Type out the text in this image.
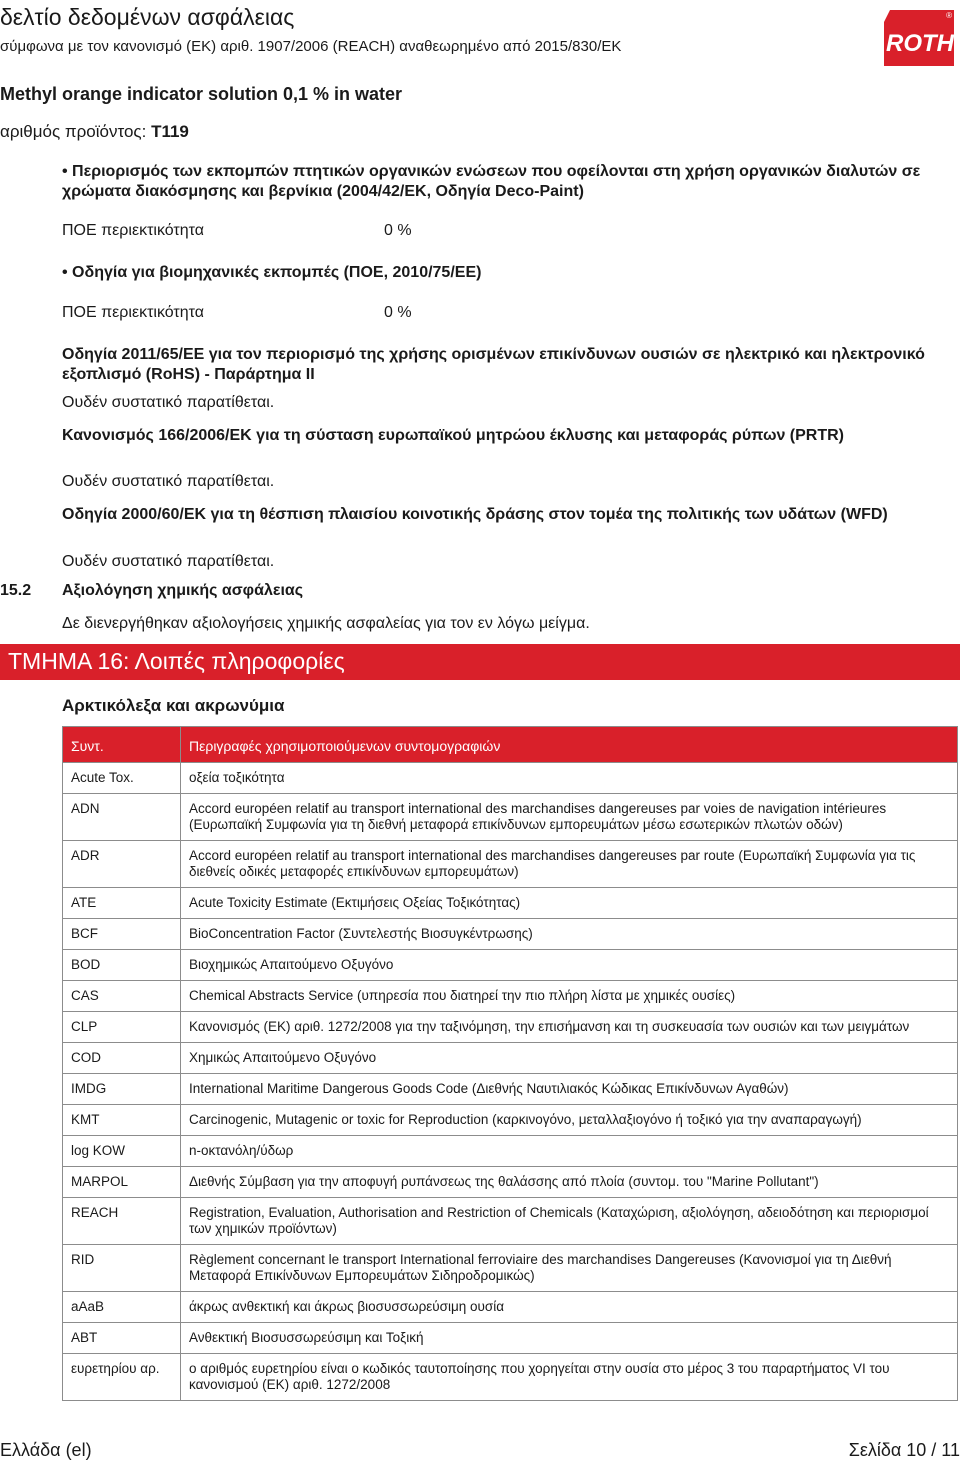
δελτίο δεδομένων ασφάλειας
σύμφωνα με τον κανονισμό (ΕΚ) αριθ. 1907/2006 (REACH) αναθεωρημένο από 2015/830/ΕΚ	ROTH
®
Methyl orange indicator solution 0,1 % in water
αριθμός προϊόντος: T119
• Περιορισμός των εκπομπών πτητικών οργανικών ενώσεων που οφείλονται στη χρήση οργανικών διαλυτών σε χρώματα διακόσμησης και βερνίκια (2004/42/ΕΚ, Οδηγία Deco-Paint)
ΠΟΕ περιεκτικότητα	0 %
• Οδηγία για βιομηχανικές εκπομπές (ΠΟΕ, 2010/75/ΕΕ)
ΠΟΕ περιεκτικότητα	0 %
Οδηγία 2011/65/ΕΕ για τον περιορισμό της χρήσης ορισμένων επικίνδυνων ουσιών σε ηλεκτρικό και ηλεκτρονικό εξοπλισμό (RoHS) - Παράρτημα II
Ουδέν συστατικό παρατίθεται.
Κανονισμός 166/2006/ΕΚ για τη σύσταση ευρωπαϊκού μητρώου έκλυσης και μεταφοράς ρύπων (PRTR)
Ουδέν συστατικό παρατίθεται.
Οδηγία 2000/60/ΕΚ για τη θέσπιση πλαισίου κοινοτικής δράσης στον τομέα της πολιτικής των υδάτων (WFD)
Ουδέν συστατικό παρατίθεται.
15.2 Αξιολόγηση χημικής ασφάλειας
Δε διενεργήθηκαν αξιολογήσεις χημικής ασφαλείας για τον εν λόγω μείγμα.
ΤΜΗΜΑ 16: Λοιπές πληροφορίες
Αρκτικόλεξα και ακρωνύμια
Συντ.	Περιγραφές χρησιμοποιούμενων συντομογραφιών
Acute Tox.	οξεία τοξικότητα
ADN	Accord européen relatif au transport international des marchandises dangereuses par voies de navigation intérieures (Ευρωπαϊκή Συμφωνία για τη διεθνή μεταφορά επικίνδυνων εμπορευμάτων μέσω εσωτερικών πλωτών οδών)
ADR	Accord européen relatif au transport international des marchandises dangereuses par route (Ευρωπαϊκή Συμφωνία για τις διεθνείς οδικές μεταφορές επικίνδυνων εμπορευμάτων)
ATE	Acute Toxicity Estimate (Εκτιμήσεις Οξείας Τοξικότητας)
BCF	BioConcentration Factor (Συντελεστής Βιοσυγκέντρωσης)
BOD	Βιοχημικώς Απαιτούμενο Οξυγόνο
CAS	Chemical Abstracts Service (υπηρεσία που διατηρεί την πιο πλήρη λίστα με χημικές ουσίες)
CLP	Κανονισμός (ΕΚ) αριθ. 1272/2008 για την ταξινόμηση, την επισήμανση και τη συσκευασία των ουσιών και των μειγμάτων
COD	Χημικώς Απαιτούμενο Οξυγόνο
IMDG	International Maritime Dangerous Goods Code (Διεθνής Ναυτιλιακός Κώδικας Επικίνδυνων Αγαθών)
KMT	Carcinogenic, Mutagenic or toxic for Reproduction (καρκινογόνο, μεταλλαξιογόνο ή τοξικό για την αναπαραγωγή)
log KOW	n-οκτανόλη/ύδωρ
MARPOL	Διεθνής Σύμβαση για την αποφυγή ρυπάνσεως της θαλάσσης από πλοία (συντομ. του "Marine Pollutant")
REACH	Registration, Evaluation, Authorisation and Restriction of Chemicals (Καταχώριση, αξιολόγηση, αδειοδότηση και περιορισμοί των χημικών προϊόντων)
RID	Règlement concernant le transport International ferroviaire des marchandises Dangereuses (Κανονισμοί για τη Διεθνή Μεταφορά Επικίνδυνων Εμπορευμάτων Σιδηροδρομικώς)
aAaB	άκρως ανθεκτική και άκρως βιοσυσσωρεύσιμη ουσία
ABT	Ανθεκτική Βιοσυσσωρεύσιμη και Τοξική
ευρετηρίου αρ.	ο αριθμός ευρετηρίου είναι ο κωδικός ταυτοποίησης που χορηγείται στην ουσία στο μέρος 3 του παραρτήματος VI του κανονισμού (ΕΚ) αριθ. 1272/2008
Ελλάδα (el)	Σελίδα 10 / 11
